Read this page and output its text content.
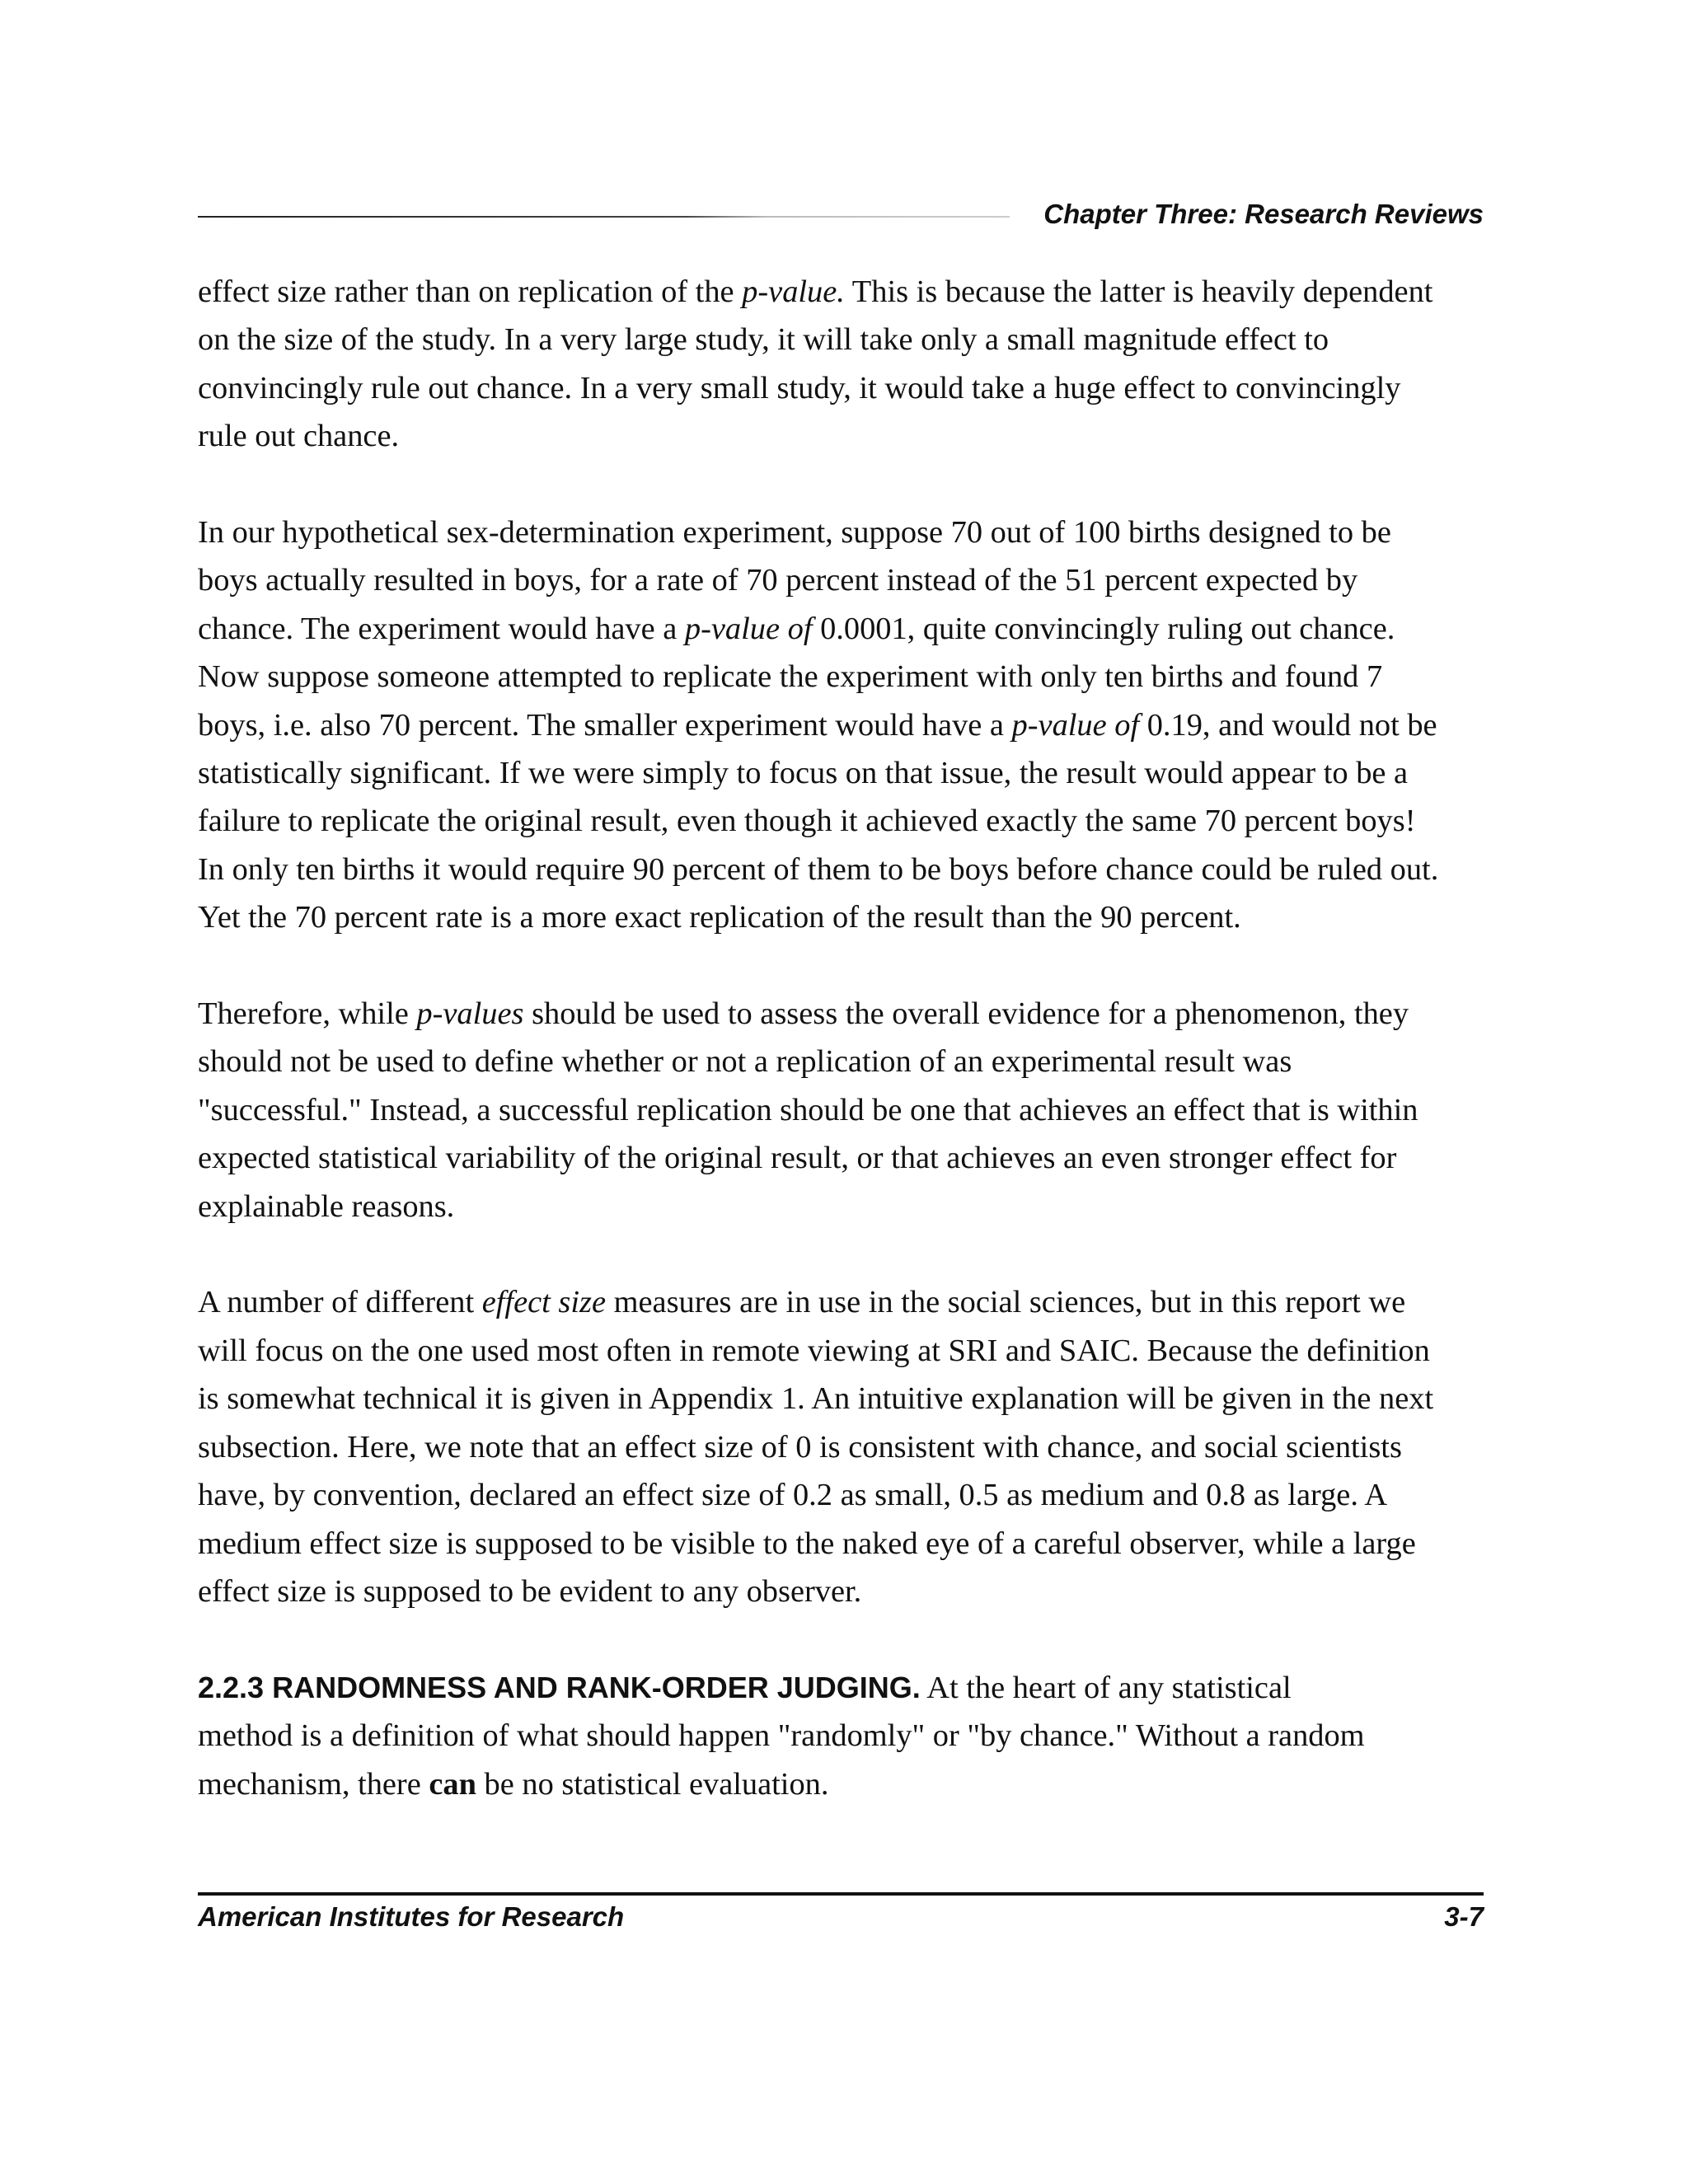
Chapter Three: Research Reviews
effect size rather than on replication of the p-value. This is because the latter is heavily dependent
on the size of the study. In a very large study, it will take only a small magnitude effect to
convincingly rule out chance. In a very small study, it would take a huge effect to convincingly
rule out chance.
In our hypothetical sex-determination experiment, suppose 70 out of 100 births designed to be
boys actually resulted in boys, for a rate of 70 percent instead of the 51 percent expected by
chance. The experiment would have a p-value of 0.0001, quite convincingly ruling out chance.
Now suppose someone attempted to replicate the experiment with only ten births and found 7
boys, i.e. also 70 percent. The smaller experiment would have a p-value of 0.19, and would not be
statistically significant. If we were simply to focus on that issue, the result would appear to be a
failure to replicate the original result, even though it achieved exactly the same 70 percent boys!
In only ten births it would require 90 percent of them to be boys before chance could be ruled out.
Yet the 70 percent rate is a more exact replication of the result than the 90 percent.
Therefore, while p-values should be used to assess the overall evidence for a phenomenon, they
should not be used to define whether or not a replication of an experimental result was
"successful." Instead, a successful replication should be one that achieves an effect that is within
expected statistical variability of the original result, or that achieves an even stronger effect for
explainable reasons.
A number of different effect size measures are in use in the social sciences, but in this report we
will focus on the one used most often in remote viewing at SRI and SAIC. Because the definition
is somewhat technical it is given in Appendix 1. An intuitive explanation will be given in the next
subsection. Here, we note that an effect size of 0 is consistent with chance, and social scientists
have, by convention, declared an effect size of 0.2 as small, 0.5 as medium and 0.8 as large. A
medium effect size is supposed to be visible to the naked eye of a careful observer, while a large
effect size is supposed to be evident to any observer.
2.2.3 RANDOMNESS AND RANK-ORDER JUDGING. At the heart of any statistical
method is a definition of what should happen "randomly" or "by chance." Without a random
mechanism, there can be no statistical evaluation.
American Institutes for Research	3-7
